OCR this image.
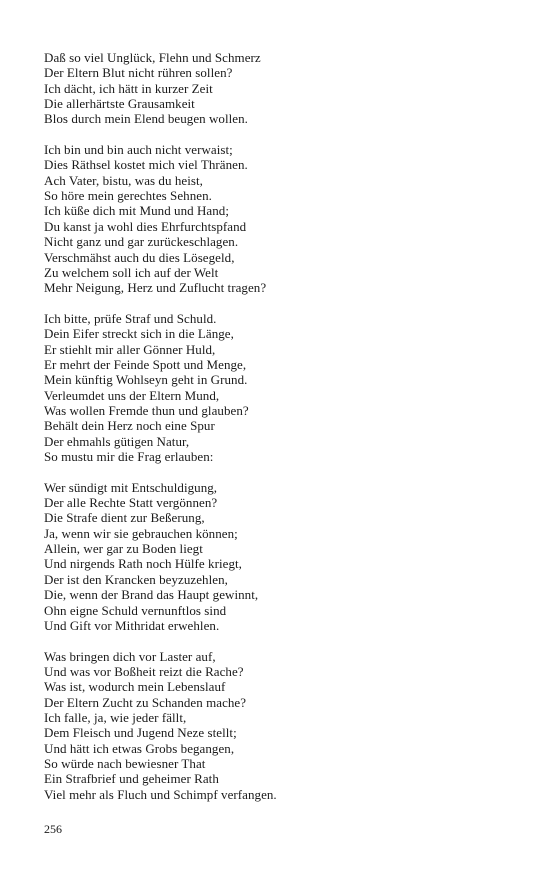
Daß so viel Unglück, Flehn und Schmerz
Der Eltern Blut nicht rühren sollen?
Ich dächt, ich hätt in kurzer Zeit
Die allerhärtste Grausamkeit
Blos durch mein Elend beugen wollen.
Ich bin und bin auch nicht verwaist;
Dies Räthsel kostet mich viel Thränen.
Ach Vater, bistu, was du heist,
So höre mein gerechtes Sehnen.
Ich küße dich mit Mund und Hand;
Du kanst ja wohl dies Ehrfurchtspfand
Nicht ganz und gar zurückeschlagen.
Verschmähst auch du dies Lösegeld,
Zu welchem soll ich auf der Welt
Mehr Neigung, Herz und Zuflucht tragen?
Ich bitte, prüfe Straf und Schuld.
Dein Eifer streckt sich in die Länge,
Er stiehlt mir aller Gönner Huld,
Er mehrt der Feinde Spott und Menge,
Mein künftig Wohlseyn geht in Grund.
Verleumdet uns der Eltern Mund,
Was wollen Fremde thun und glauben?
Behält dein Herz noch eine Spur
Der ehmahls gütigen Natur,
So mustu mir die Frag erlauben:
Wer sündigt mit Entschuldigung,
Der alle Rechte Statt vergönnen?
Die Strafe dient zur Beßerung,
Ja, wenn wir sie gebrauchen können;
Allein, wer gar zu Boden liegt
Und nirgends Rath noch Hülfe kriegt,
Der ist den Krancken beyzuzehlen,
Die, wenn der Brand das Haupt gewinnt,
Ohn eigne Schuld vernunftlos sind
Und Gift vor Mithridat erwehlen.
Was bringen dich vor Laster auf,
Und was vor Boßheit reizt die Rache?
Was ist, wodurch mein Lebenslauf
Der Eltern Zucht zu Schanden mache?
Ich falle, ja, wie jeder fällt,
Dem Fleisch und Jugend Neze stellt;
Und hätt ich etwas Grobs begangen,
So würde nach bewiesner That
Ein Strafbrief und geheimer Rath
Viel mehr als Fluch und Schimpf verfangen.
256
